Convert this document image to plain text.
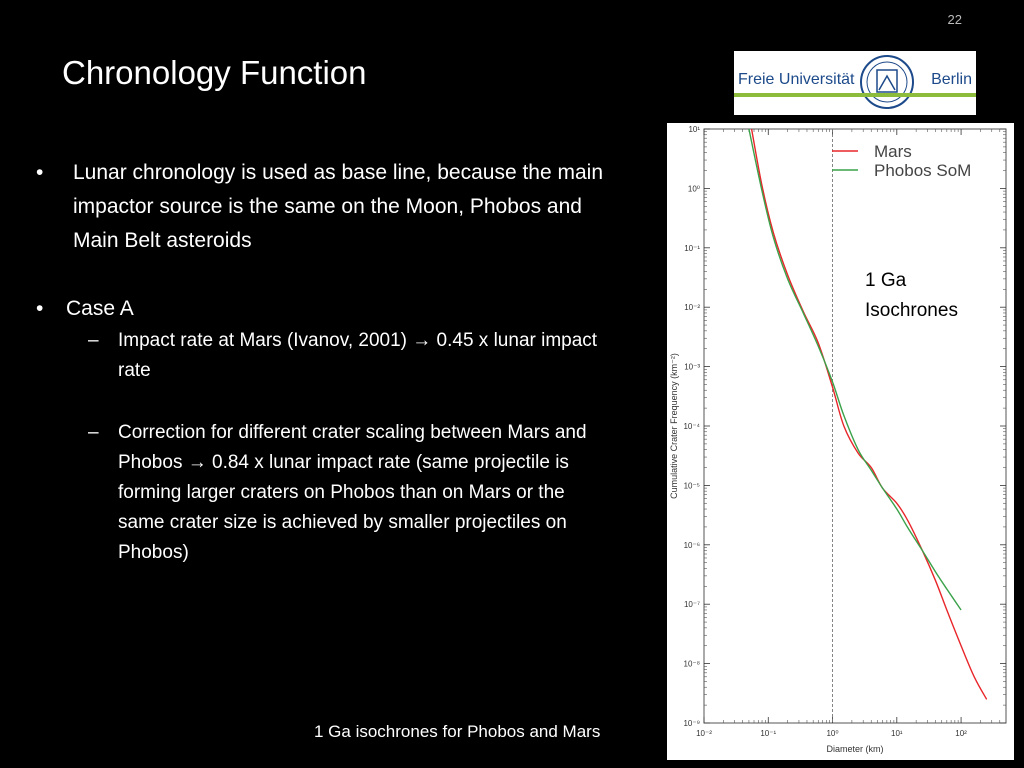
22
Chronology Function	Freie Universität	Berlin
• Lunar chronology is used as base line, because the main impactor source is the same on the Moon, Phobos and Main Belt asteroids
• Case A
– Impact rate at Mars (Ivanov, 2001) → 0.45 x lunar impact rate
– Correction for different crater scaling between Mars and Phobos → 0.84 x lunar impact rate (same projectile is forming larger craters on Phobos than on Mars or the same crater size is achieved by smaller projectiles on Phobos)
1 Ga isochrones for Phobos and Mars	10⁻²	10⁻¹	10⁰	10¹	10²
10¹
10⁰
10⁻¹
10⁻²
10⁻³
10⁻⁴
10⁻⁵
10⁻⁶
10⁻⁷
10⁻⁸
10⁻⁹
Diameter (km)
Cumulative Crater Frequency (km⁻²)
Mars
Phobos SoM
1 Ga
Isochrones
